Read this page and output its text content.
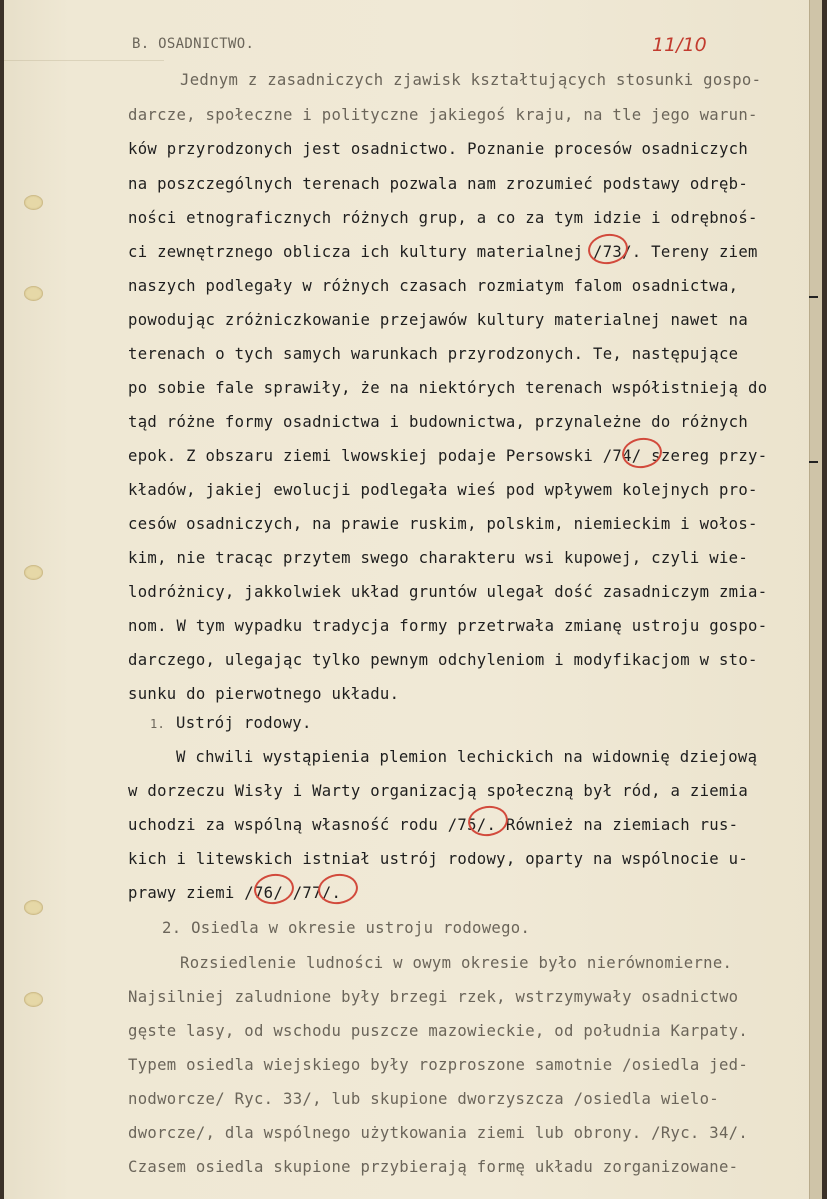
B. OSADNICTWO.	11/10
Jednym z zasadniczych zjawisk kształtujących stosunki gospo-
darcze, społeczne i polityczne jakiegoś kraju, na tle jego warun-
ków przyrodzonych jest osadnictwo. Poznanie procesów osadniczych
na poszczególnych terenach pozwala nam zrozumieć podstawy odręb-
ności etnograficznych różnych grup, a co za tym idzie i odrębnoś-
ci zewnętrznego oblicza ich kultury materialnej /73/. Tereny ziem
naszych podlegały w różnych czasach rozmiatym falom osadnictwa,
powodując zróżniczkowanie przejawów kultury materialnej nawet na
terenach o tych samych warunkach przyrodzonych. Te, następujące
po sobie fale sprawiły, że na niektórych terenach współistnieją do
tąd różne formy osadnictwa i budownictwa, przynależne do różnych
epok. Z obszaru ziemi lwowskiej podaje Persowski /74/ szereg przy-
kładów, jakiej ewolucji podlegała wieś pod wpływem kolejnych pro-
cesów osadniczych, na prawie ruskim, polskim, niemieckim i wołos-
kim, nie tracąc przytem swego charakteru wsi kupowej, czyli wie-
lodróżnicy, jakkolwiek układ gruntów ulegał dość zasadniczym zmia-
nom. W tym wypadku tradycja formy przetrwała zmianę ustroju gospo-
darczego, ulegając tylko pewnym odchyleniom i modyfikacjom w sto-
sunku do pierwotnego układu.
1. Ustrój rodowy.
W chwili wystąpienia plemion lechickich na widownię dziejową
w dorzeczu Wisły i Warty organizacją społeczną był ród, a ziemia
uchodzi za wspólną własność rodu /75/. Również na ziemiach rus-
kich i litewskich istniał ustrój rodowy, oparty na wspólnocie u-
prawy ziemi /76/ /77/.
2. Osiedla w okresie ustroju rodowego.
Rozsiedlenie ludności w owym okresie było nierównomierne.
Najsilniej zaludnione były brzegi rzek, wstrzymywały osadnictwo
gęste lasy, od wschodu puszcze mazowieckie, od południa Karpaty.
Typem osiedla wiejskiego były rozproszone samotnie /osiedla jed-
nodworcze/ Ryc. 33/, lub skupione dworzyszcza /osiedla wielo-
dworcze/, dla wspólnego użytkowania ziemi lub obrony. /Ryc. 34/.
Czasem osiedla skupione przybierają formę układu zorganizowane-
